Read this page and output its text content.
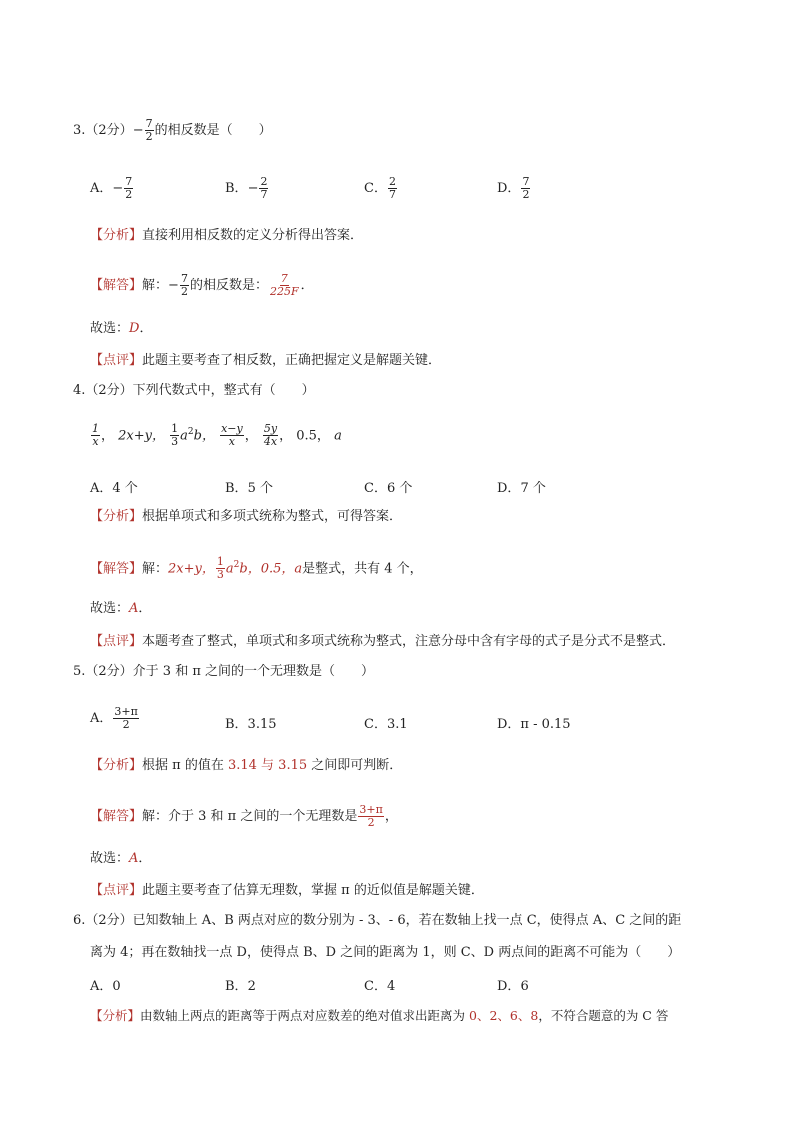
3.（2分）− $\frac{7}{2}$ 的相反数是（　　）
A．− $\frac{7}{2}$	B．− $\frac{2}{7}$	C． $\frac{2}{7}$	D． $\frac{7}{2}$
【分析】直接利用相反数的定义分析得出答案．
【解答】解：− $\frac{7}{2}$ 的相反数是： $\frac{7}{225F}$ ．
故选：D．
【点评】此题主要考查了相反数，正确把握定义是解题关键．
4.（2分）下列代数式中，整式有（　　）
$\frac{1}{x}$ ， 2x+y， $\frac{1}{3} a^2b$， $\frac{x-y}{x}$ ， $\frac{5y}{4x}$ ， 0.5， a
A．4 个	B．5 个	C．6 个	D．7 个
【分析】根据单项式和多项式统称为整式，可得答案．
【解答】解：2x+y， $\frac{1}{3} a^2b$，0.5，a是整式，共有 4 个，
故选：A．
【点评】本题考查了整式，单项式和多项式统称为整式，注意分母中含有字母的式子是分式不是整式．
5.（2分）介于 3 和 π 之间的一个无理数是（　　）
A． $\frac{3+\pi}{2}$	B．3.15	C．3.1	D．π - 0.15
【分析】根据 π 的值在 3.14 与 3.15 之间即可判断．
【解答】解：介于 3 和 π 之间的一个无理数是 $\frac{3+\pi}{2}$ ，
故选：A．
【点评】此题主要考查了估算无理数，掌握 π 的近似值是解题关键．
6.（2分）已知数轴上 A、B 两点对应的数分别为 - 3、- 6，若在数轴上找一点 C，使得点 A、C 之间的距
离为 4；再在数轴找一点 D，使得点 B、D 之间的距离为 1，则 C、D 两点间的距离不可能为（　　）
A．0	B．2	C．4	D．6
【分析】由数轴上两点的距离等于两点对应数差的绝对值求出距离为 0、2、6、8，不符合题意的为 C 答
